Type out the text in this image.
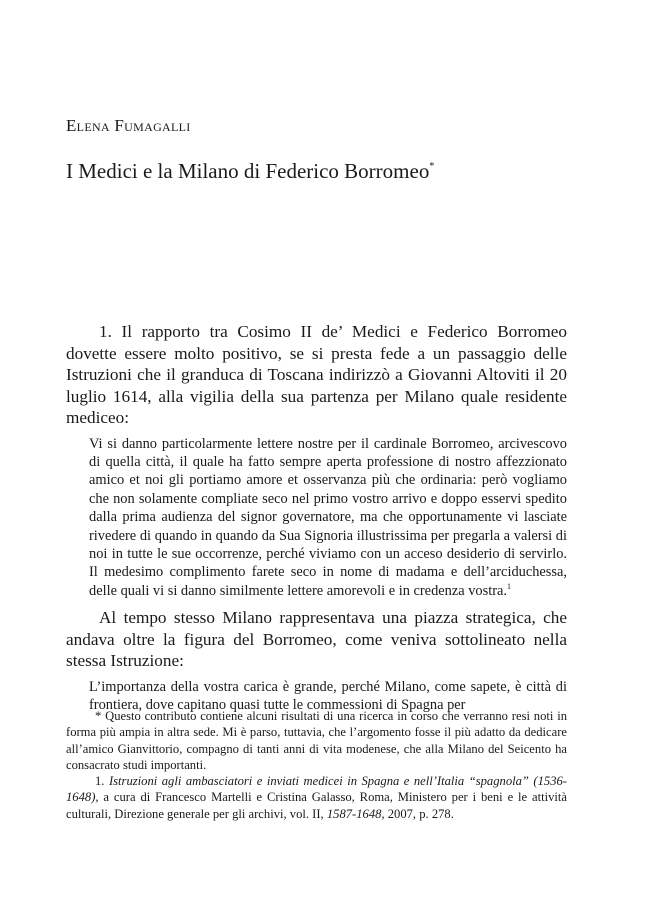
Elena Fumagalli
I Medici e la Milano di Federico Borromeo*

1. Il rapporto tra Cosimo II de’ Medici e Federico Borromeo dovette essere molto positivo, se si presta fede a un passaggio delle Istruzioni che il granduca di Toscana indirizzò a Giovanni Altoviti il 20 luglio 1614, alla vigilia della sua partenza per Milano quale residente mediceo:

Vi si danno particolarmente lettere nostre per il cardinale Borromeo, arcivescovo di quella città, il quale ha fatto sempre aperta professione di nostro affezzionato amico et noi gli portiamo amore et osservanza più che ordinaria: però vogliamo che non solamente compliate seco nel primo vostro arrivo e doppo esservi spedito dalla prima audienza del signor governatore, ma che opportunamente vi lasciate rivedere di quando in quando da Sua Signoria illustrissima per pregarla a valersi di noi in tutte le sue occorrenze, perché viviamo con un acceso desiderio di servirlo. Il medesimo complimento farete seco in nome di madama e dell’arciduchessa, delle quali vi si danno similmente lettere amorevoli e in credenza vostra.$^1$

Al tempo stesso Milano rappresentava una piazza strategica, che andava oltre la figura del Borromeo, come veniva sottolineato nella stessa Istruzione:

L’importanza della vostra carica è grande, perché Milano, come sapete, è città di frontiera, dove capitano quasi tutte le commessioni di Spagna per

* Questo contributo contiene alcuni risultati di una ricerca in corso che verranno resi noti in forma più ampia in altra sede. Mi è parso, tuttavia, che l’argomento fosse il più adatto da dedicare all’amico Gianvittorio, compagno di tanti anni di vita modenese, che alla Milano del Seicento ha consacrato studi importanti.

1. Istruzioni agli ambasciatori e inviati medicei in Spagna e nell’Italia “spagnola” (1536-1648), a cura di Francesco Martelli e Cristina Galasso, Roma, Ministero per i beni e le attività culturali, Direzione generale per gli archivi, vol. II, 1587-1648, 2007, p. 278.
